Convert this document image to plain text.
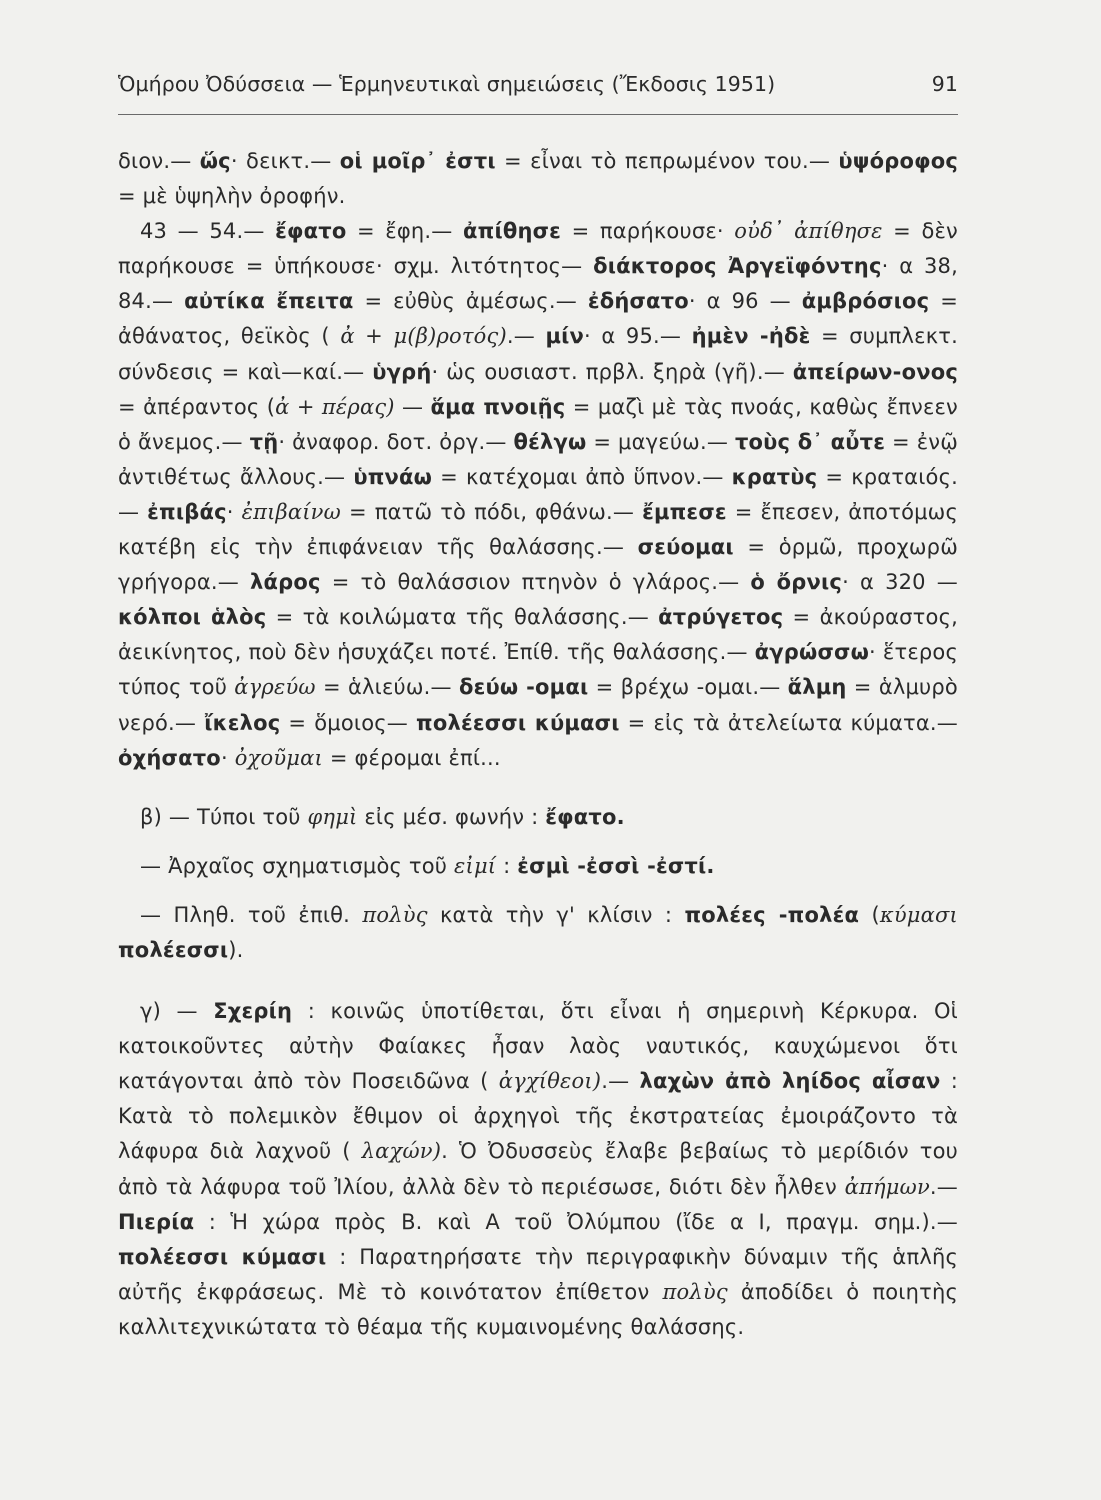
Ὁμήρου Ὀδύσσεια — Ἑρμηνευτικαὶ σημειώσεις (Ἔκδοσις 1951)	91

διον.— ὥς· δεικτ.— οἱ μοῖρ᾽ ἐστι = εἶναι τὸ πεπρωμένον του.— ὑψόροφος = μὲ ὑψηλὴν ὀροφήν.

43 — 54.— ἔφατο = ἔφη.— ἀπίθησε = παρήκουσε· οὐδ᾽ ἀπίθησε = δὲν παρήκουσε = ὑπήκουσε· σχμ. λιτότητος— διάκτορος Ἀργεϊφόντης· α 38, 84.— αὐτίκα ἔπειτα = εὐθὺς ἀμέσως.— ἐδήσατο· α 96 — ἀμβρόσιος = ἀθάνατος, θεϊκὸς ( ἀ + μ(β)ροτός).— μίν· α 95.— ἠμὲν -ἠδὲ = συμπλεκτ. σύνδεσις = καὶ—καί.— ὑγρή· ὡς ουσιαστ. πρβλ. ξηρὰ (γῆ).— ἀπείρων-ονος = ἀπέραντος (ἀ + πέρας) — ἅμα πνοιῇς = μαζὶ μὲ τὰς πνοάς, καθὼς ἔπνεεν ὁ ἄνεμος.— τῇ· ἀναφορ. δοτ. ὀργ.— θέλγω = μαγεύω.— τοὺς δ᾽ αὖτε = ἐνῷ ἀντιθέτως ἄλλους.— ὑπνάω = κατέχομαι ἀπὸ ὕπνον.— κρατὺς = κραταιός.— ἐπιβάς· ἐπιβαίνω = πατῶ τὸ πόδι, φθάνω.— ἔμπεσε = ἔπεσεν, ἀποτόμως κατέβη εἰς τὴν ἐπιφάνειαν τῆς θαλάσσης.— σεύομαι = ὁρμῶ, προχωρῶ γρήγορα.— λάρος = τὸ θαλάσσιον πτηνὸν ὁ γλάρος.— ὁ ὄρνις· α 320 — κόλποι ἁλὸς = τὰ κοιλώματα τῆς θαλάσσης.— ἀτρύγετος = ἀκούραστος, ἀεικίνητος, ποὺ δὲν ἡσυχάζει ποτέ. Ἐπίθ. τῆς θαλάσσης.— ἀγρώσσω· ἕτερος τύπος τοῦ ἀγρεύω = ἁλιεύω.— δεύω -ομαι = βρέχω -ομαι.— ἅλμη = ἁλμυρὸ νερό.— ἴκελος = ὅμοιος— πολέεσσι κύμασι = εἰς τὰ ἀτελείωτα κύματα.— ὀχήσατο· ὀχοῦμαι = φέρομαι ἐπί...

β) — Τύποι τοῦ φημὶ εἰς μέσ. φωνήν : ἔφατο.

— Ἀρχαῖος σχηματισμὸς τοῦ εἰμί : ἐσμὶ -ἐσσὶ -ἐστί.

— Πληθ. τοῦ ἐπιθ. πολὺς κατὰ τὴν γ' κλίσιν : πολέες -πολέα (κύμασι πολέεσσι).

γ) — Σχερίη : κοινῶς ὑποτίθεται, ὅτι εἶναι ἡ σημερινὴ Κέρκυρα. Οἱ κατοικοῦντες αὐτὴν Φαίακες ἦσαν λαὸς ναυτικός, καυχώμενοι ὅτι κατάγονται ἀπὸ τὸν Ποσειδῶνα ( ἀγχίθεοι).— λαχὼν ἀπὸ ληίδος αἶσαν : Κατὰ τὸ πολεμικὸν ἔθιμον οἱ ἀρχηγοὶ τῆς ἐκστρατείας ἐμοιράζοντο τὰ λάφυρα διὰ λαχνοῦ ( λαχών). Ὁ Ὀδυσσεὺς ἔλαβε βεβαίως τὸ μερίδιόν του ἀπὸ τὰ λάφυρα τοῦ Ἰλίου, ἀλλὰ δὲν τὸ περιέσωσε, διότι δὲν ἦλθεν ἀπήμων.— Πιερία : Ἡ χώρα πρὸς Β. καὶ Α τοῦ Ὀλύμπου (ἴδε α Ι, πραγμ. σημ.).— πολέεσσι κύμασι : Παρατηρήσατε τὴν περιγραφικὴν δύναμιν τῆς ἁπλῆς αὐτῆς ἐκφράσεως. Μὲ τὸ κοινότατον ἐπίθετον πολὺς ἀποδίδει ὁ ποιητὴς καλλιτεχνικώτατα τὸ θέαμα τῆς κυμαινομένης θαλάσσης.
